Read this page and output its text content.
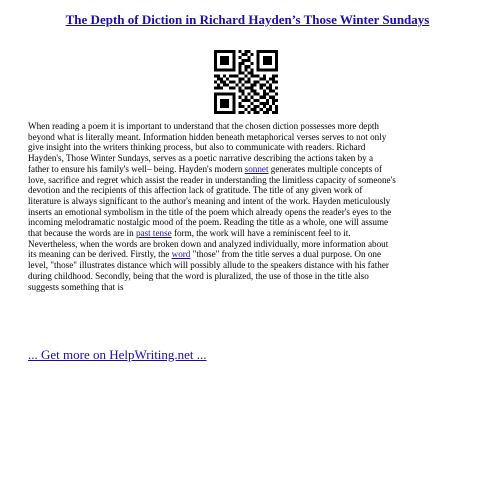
The Depth of Diction in Richard Hayden’s Those Winter Sundays
When reading a poem it is important to understand that the chosen diction possesses more depth
beyond what is literally meant. Information hidden beneath metaphorical verses serves to not only
give insight into the writers thinking process, but also to communicate with readers. Richard
Hayden's, Those Winter Sundays, serves as a poetic narrative describing the actions taken by a
father to ensure his family's well– being. Hayden's modern sonnet generates multiple concepts of
love, sacrifice and regret which assist the reader in understanding the limitless capacity of someone's
devotion and the recipients of this affection lack of gratitude. The title of any given work of
literature is always significant to the author's meaning and intent of the work. Hayden meticulously
inserts an emotional symbolism in the title of the poem which already opens the reader's eyes to the
incoming melodramatic nostalgic mood of the poem. Reading the title as a whole, one will assume
that because the words are in past tense form, the work will have a reminiscent feel to it.
Nevertheless, when the words are broken down and analyzed individually, more information about
its meaning can be derived. Firstly, the word "those" from the title serves a dual purpose. On one
level, "those" illustrates distance which will possibly allude to the speakers distance with his father
during childhood. Secondly, being that the word is pluralized, the use of those in the title also
suggests something that is

... Get more on HelpWriting.net ...
